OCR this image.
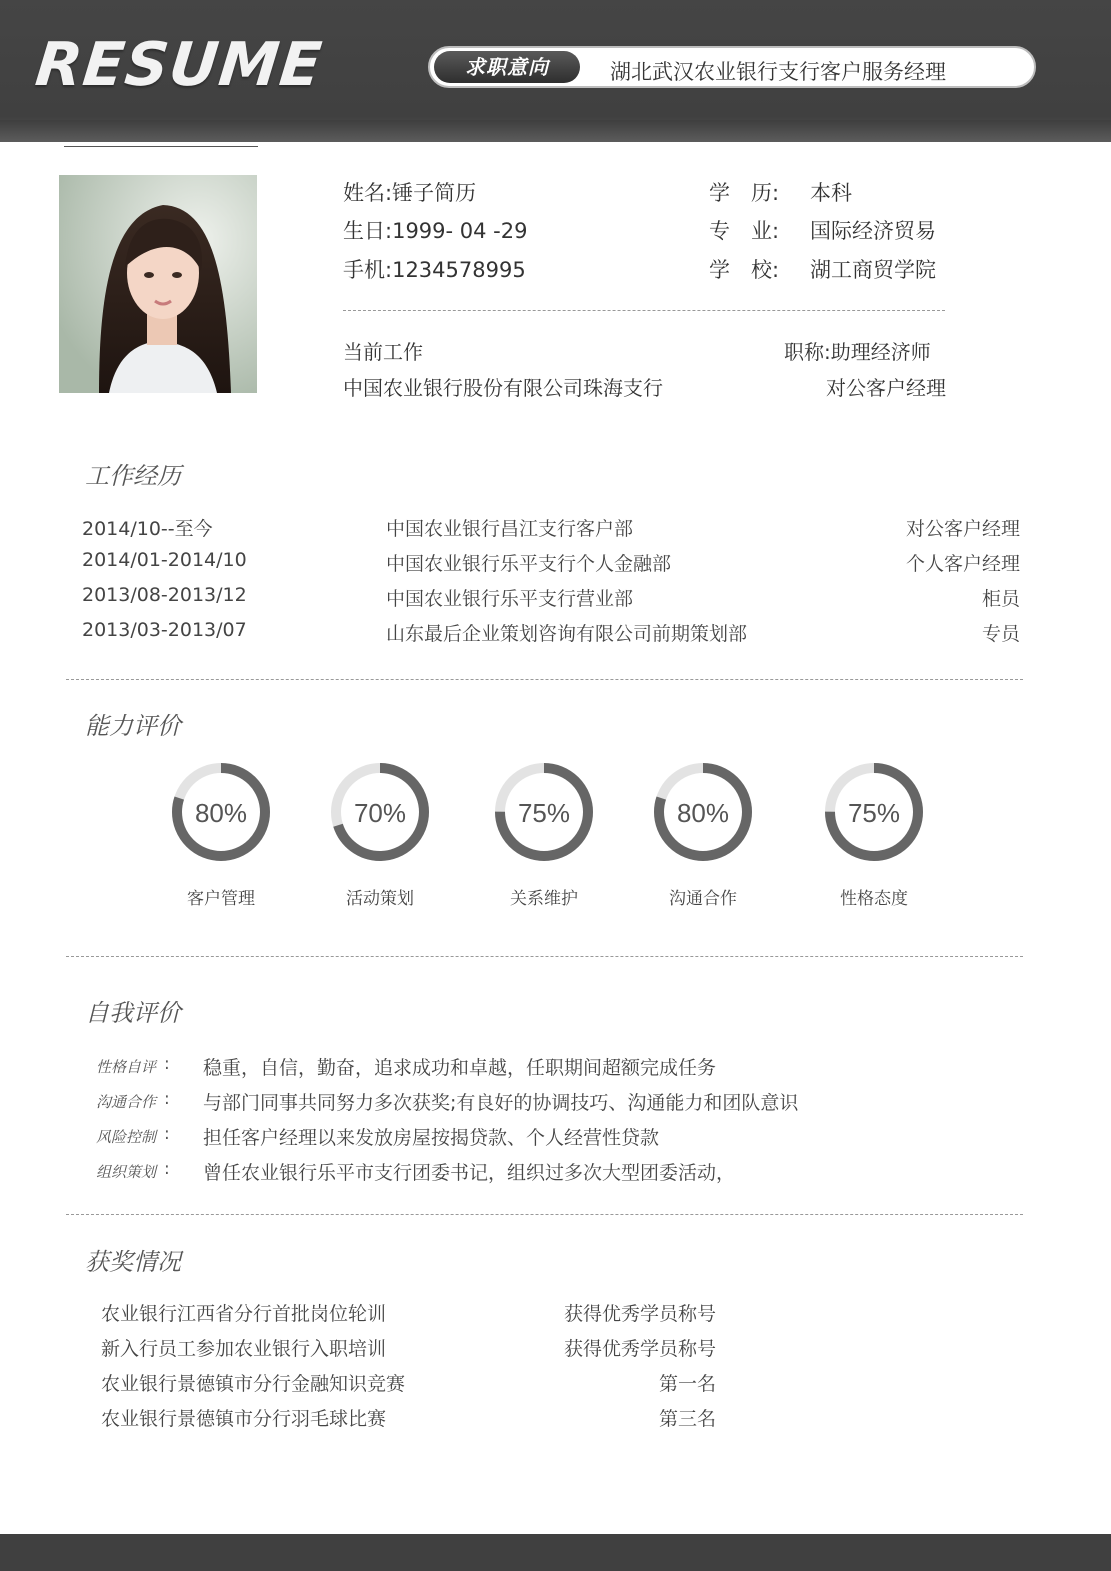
RESUME	求职意向	湖北武汉农业银行支行客户服务经理
姓名:锤子简历
生日:1999- 04 -29
手机:1234578995
学　历: 本科
专　业: 国际经济贸易
学　校: 湖工商贸学院
当前工作	职称:助理经济师
中国农业银行股份有限公司珠海支行	对公客户经理
工作经历
2014/10--至今	中国农业银行昌江支行客户部	对公客户经理
2014/01-2014/10	中国农业银行乐平支行个人金融部	个人客户经理
2013/08-2013/12	中国农业银行乐平支行营业部	柜员
2013/03-2013/07	山东最后企业策划咨询有限公司前期策划部	专员
能力评价
80%
客户管理
70%
活动策划
75%
关系维护
80%
沟通合作
75%
性格态度
自我评价
性格自评 : 稳重，自信，勤奋，追求成功和卓越，任职期间超额完成任务
沟通合作 : 与部门同事共同努力多次获奖;有良好的协调技巧、沟通能力和团队意识
风险控制 : 担任客户经理以来发放房屋按揭贷款、个人经营性贷款
组织策划 : 曾任农业银行乐平市支行团委书记，组织过多次大型团委活动，
获奖情况
农业银行江西省分行首批岗位轮训	获得优秀学员称号
新入行员工参加农业银行入职培训	获得优秀学员称号
农业银行景德镇市分行金融知识竞赛	第一名
农业银行景德镇市分行羽毛球比赛	第三名
